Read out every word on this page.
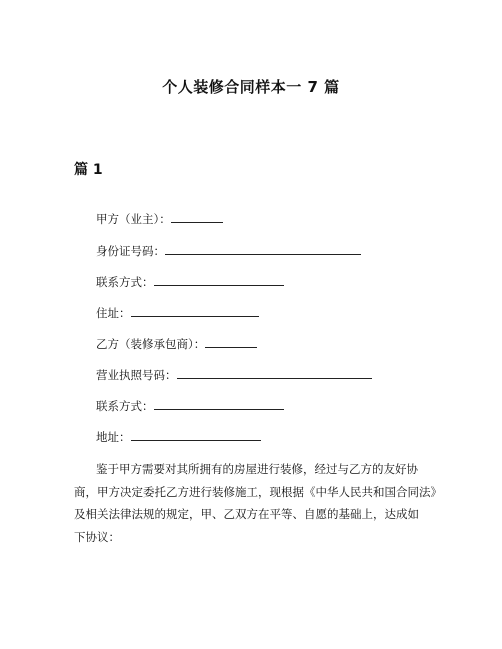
个人装修合同样本一 7 篇
篇 1
甲方（业主）：
身份证号码：
联系方式：
住址：
乙方（装修承包商）：
营业执照号码：
联系方式：
地址：
鉴于甲方需要对其所拥有的房屋进行装修，经过与乙方的友好协
商，甲方决定委托乙方进行装修施工，现根据《中华人民共和国合同法》
及相关法律法规的规定，甲、乙双方在平等、自愿的基础上，达成如
下协议：
